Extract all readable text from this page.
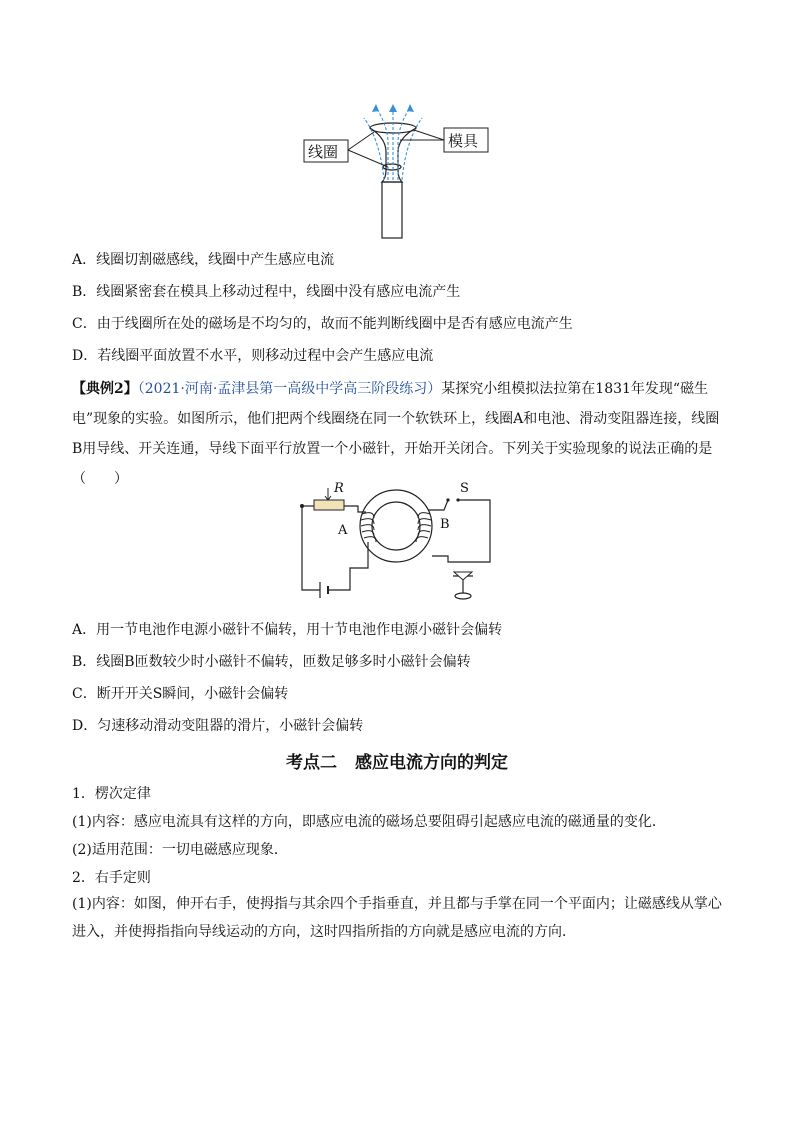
线圈
模具
A．线圈切割磁感线，线圈中产生感应电流
B．线圈紧密套在模具上移动过程中，线圈中没有感应电流产生
C．由于线圈所在处的磁场是不均匀的，故而不能判断线圈中是否有感应电流产生
D．若线圈平面放置不水平，则移动过程中会产生感应电流
【典例2】（2021·河南·孟津县第一高级中学高三阶段练习）某探究小组模拟法拉第在1831年发现“磁生电”现象的实验。如图所示，他们把两个线圈绕在同一个软铁环上，线圈A和电池、滑动变阻器连接，线圈B用导线、开关连通，导线下面平行放置一个小磁针，开始开关闭合。下列关于实验现象的说法正确的是（　　）
R	S
A	B
A．用一节电池作电源小磁针不偏转，用十节电池作电源小磁针会偏转
B．线圈B匝数较少时小磁针不偏转，匝数足够多时小磁针会偏转
C．断开开关S瞬间，小磁针会偏转
D．匀速移动滑动变阻器的滑片，小磁针会偏转
考点二 感应电流方向的判定
1．楞次定律
(1)内容：感应电流具有这样的方向，即感应电流的磁场总要阻碍引起感应电流的磁通量的变化．
(2)适用范围：一切电磁感应现象．
2．右手定则
(1)内容：如图，伸开右手，使拇指与其余四个手指垂直，并且都与手掌在同一个平面内；让磁感线从掌心进入，并使拇指指向导线运动的方向，这时四指所指的方向就是感应电流的方向．
